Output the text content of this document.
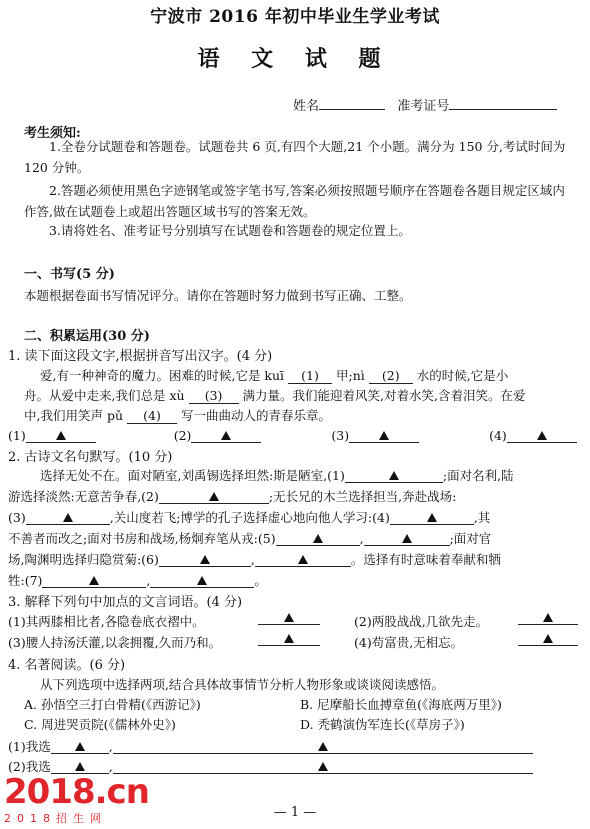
宁波市 2016 年初中毕业生学业考试
语 文 试 题
姓名	准考证号
考生须知:
1.全卷分试题卷和答题卷。试题卷共 6 页,有四个大题,21 个小题。满分为 150 分,考试时间为 120 分钟。
2.答题必须使用黑色字迹钢笔或签字笔书写,答案必须按照题号顺序在答题卷各题目规定区域内作答,做在试题卷上或超出答题区域书写的答案无效。
3.请将姓名、准考证号分别填写在试题卷和答题卷的规定位置上。
一、书写(5 分)
本题根据卷面书写情况评分。请你在答题时努力做到书写正确、工整。
二、积累运用(30 分)
1. 读下面这段文字,根据拼音写出汉字。(4 分)
爱,有一种神奇的魔力。困难的时候,它是 kuī (1) 甲;nì (2) 水的时候,它是小
舟。从爱中走来,我们总是 xù (3) 满力量。我们能迎着风笑,对着水笑,含着泪笑。在爱
中,我们用笑声 pǔ (4) 写一曲曲动人的青春乐章。
(1)	(2)	(3)	(4)
2. 古诗文名句默写。(10 分)
选择无处不在。面对陋室,刘禹锡选择坦然:斯是陋室,(1)	;面对名利,陆
游选择淡然:无意苦争春,(2)	;无长兄的木兰选择担当,奔赴战场:
(3)	,关山度若飞;博学的孔子选择虚心地向他人学习:(4)	,其
不善者而改之;面对书房和战场,杨炯弃笔从戎:(5)	,	;面对官
场,陶渊明选择归隐赏菊:(6)	,	。选择有时意味着奉献和牺
牲:(7)	,	。
3. 解释下列句中加点的文言词语。(4 分)
(1)其两膝相比者,各隐卷底衣褶中。	(2)两股战战,几欲先走。
(3)腰人持汤沃灌,以衾拥覆,久而乃和。	(4)苟富贵,无相忘。
4. 名著阅读。(6 分)
从下列选项中选择两项,结合具体故事情节分析人物形象或谈谈阅读感悟。
A. 孙悟空三打白骨精(《西游记》)	B. 尼摩船长血搏章鱼(《海底两万里》)
C. 周进哭贡院(《儒林外史》)	D. 秃鹤演伪军连长(《草房子》)
(1)我选	,
(2)我选	,
— 1 —
2018.cn
2018招生网
